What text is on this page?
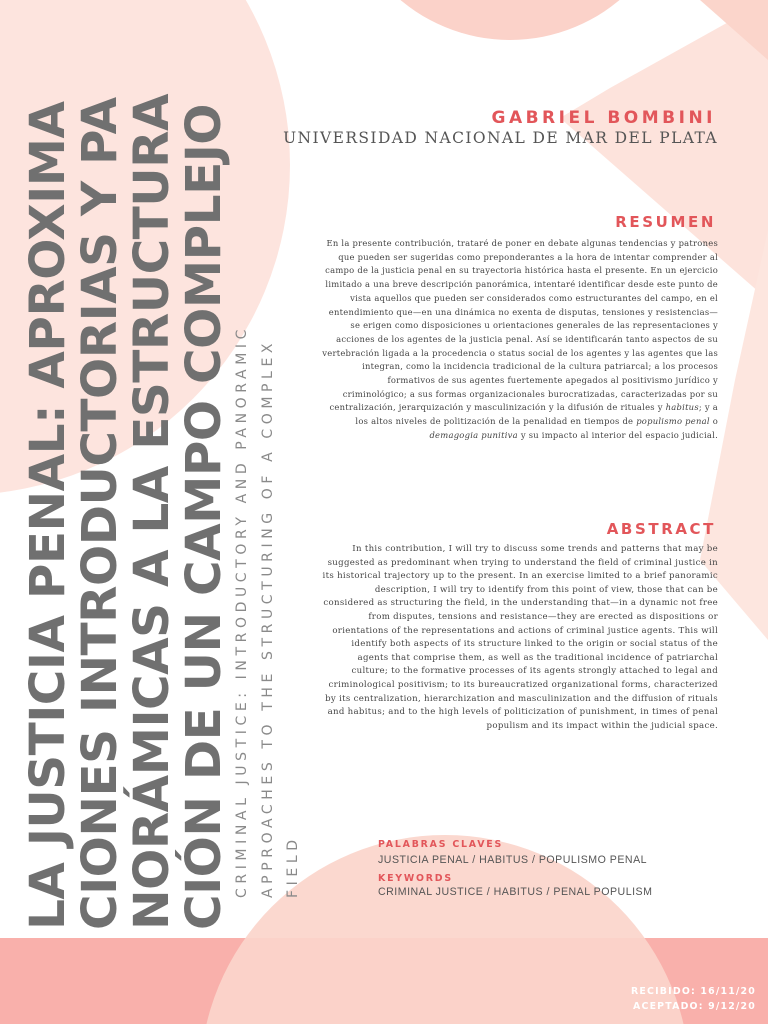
LA JUSTICIA PENAL: APROXIMA
CIONES INTRODUCTORIAS Y PA
NORÁMICAS A LA ESTRUCTURA
CIÓN DE UN CAMPO COMPLEJO CRIMINAL JUSTICE: INTRODUCTORY AND PANORAMIC APPROACHES TO THE STRUCTURING OF A COMPLEX FIELD
GABRIEL BOMBINI
UNIVERSIDAD NACIONAL DE MAR DEL PLATA
RESUMEN

En la presente contribución, trataré de poner en debate algunas tendencias y patrones que pueden ser sugeridas como preponderantes a la hora de intentar comprender al campo de la justicia penal en su trayectoria histórica hasta el presente. En un ejercicio limitado a una breve descripción panorámica, intentaré identificar desde este punto de vista aquellos que pueden ser considerados como estructurantes del campo, en el entendimiento que—en una dinámica no exenta de disputas, tensiones y resistencias—se erigen como disposiciones u orientaciones generales de las representaciones y acciones de los agentes de la justicia penal. Así se identificarán tanto aspectos de su vertebración ligada a la procedencia o status social de los agentes y las agentes que las integran, como la incidencia tradicional de la cultura patriarcal; a los procesos formativos de sus agentes fuertemente apegados al positivismo jurídico y criminológico; a sus formas organizacionales burocratizadas, caracterizadas por su centralización, jerarquización y masculinización y la difusión de rituales y habitus; y a los altos niveles de politización de la penalidad en tiempos de populismo penal o demagogia punitiva y su impacto al interior del espacio judicial.

ABSTRACT

In this contribution, I will try to discuss some trends and patterns that may be suggested as predominant when trying to understand the field of criminal justice in its historical trajectory up to the present. In an exercise limited to a brief panoramic description, I will try to identify from this point of view, those that can be considered as structuring the field, in the understanding that—in a dynamic not free from disputes, tensions and resistance—they are erected as dispositions or orientations of the representations and actions of criminal justice agents. This will identify both aspects of its structure linked to the origin or social status of the agents that comprise them, as well as the traditional incidence of patriarchal culture; to the formative processes of its agents strongly attached to legal and criminological positivism; to its bureaucratized organizational forms, characterized by its centralization, hierarchization and masculinization and the diffusion of rituals and habitus; and to the high levels of politicization of punishment, in times of penal populism and its impact within the judicial space.

PALABRAS CLAVES
JUSTICIA PENAL / HABITUS / POPULISMO PENAL
KEYWORDS
CRIMINAL JUSTICE / HABITUS / PENAL POPULISM
RECIBIDO: 16/11/20
ACEPTADO: 9/12/20
